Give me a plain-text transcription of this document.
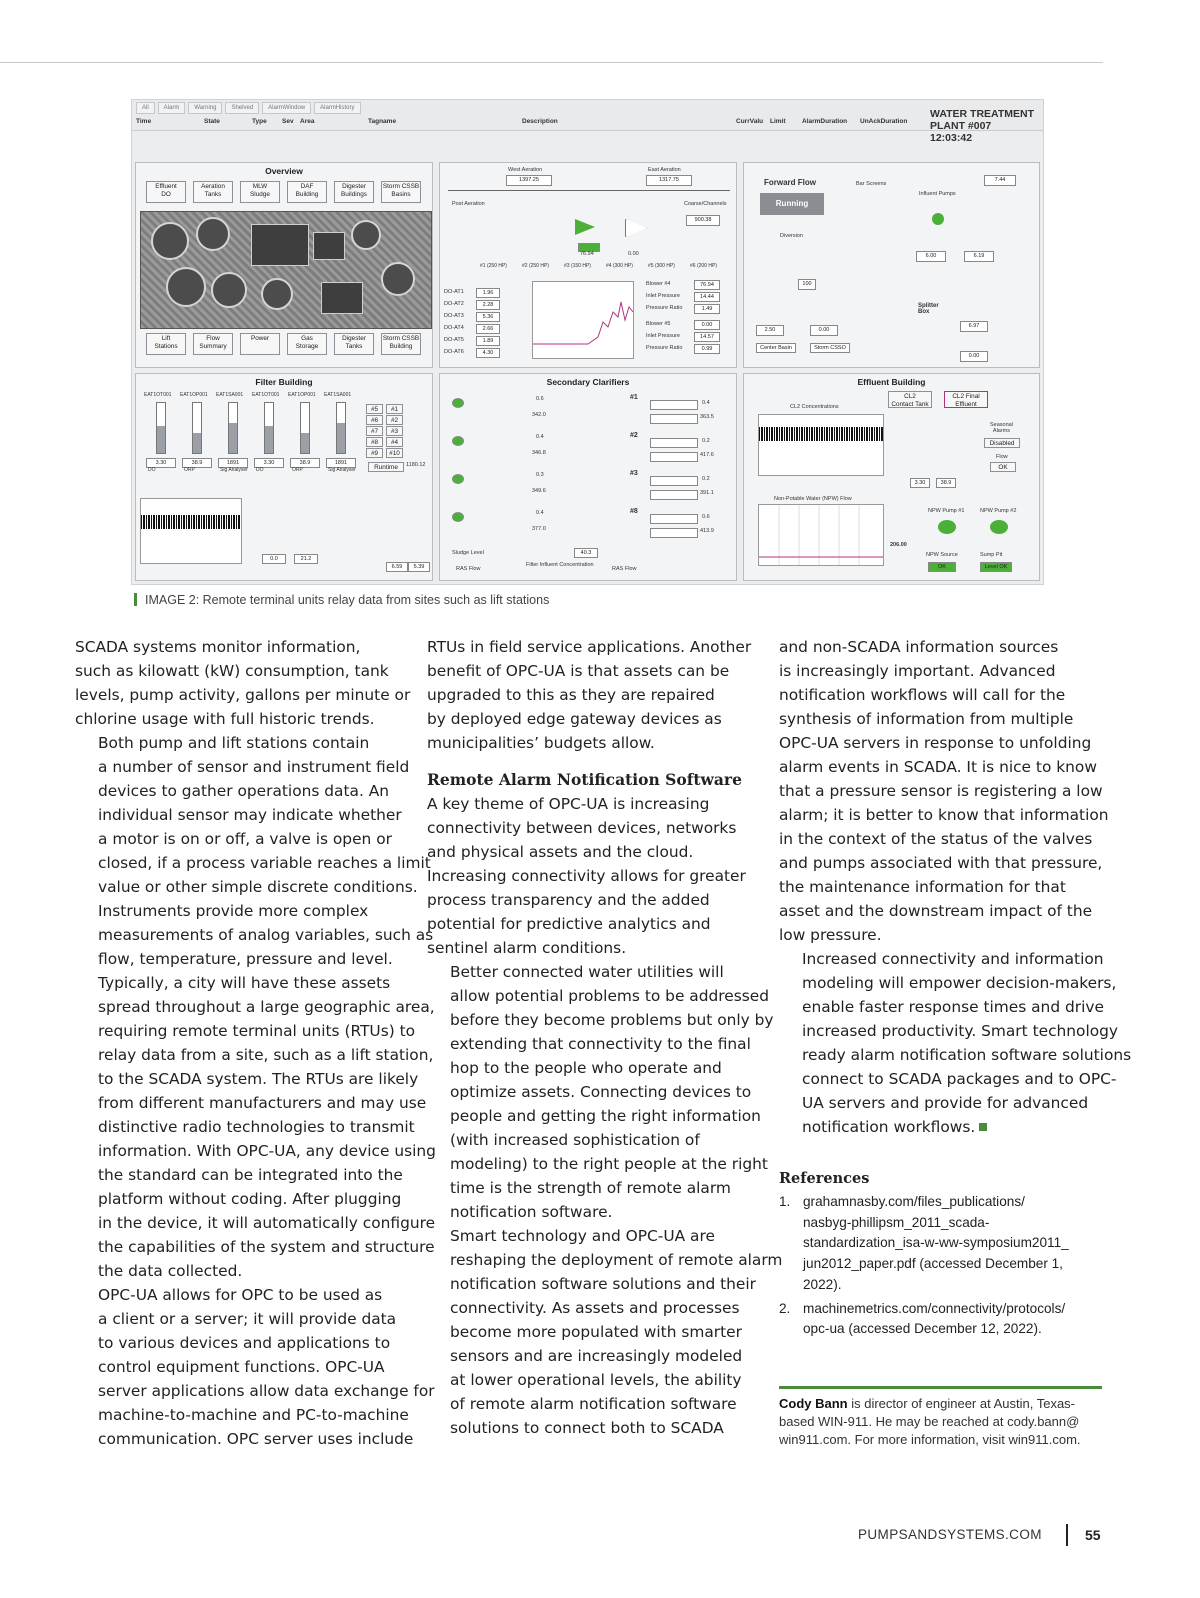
All	Alarm	Warning	Shelved	AlarmWindow	AlarmHistory
Time	State	Type Sev Area	Tagname	Description	CurrValu Limit	AlarmDuration UnAckDuration
WATER TREATMENT
PLANT #007
12:03:42
Overview
Effluent
DO
Aeration
Tanks
MLW
Sludge
DAF
Building
Digester
Buildings
Storm CSSB
Basins
Lift
Stations
Flow
Summary
Power	Gas
Storage
Digester
Tanks
Storm CSSB
Building
West Aeration
1397.25
East Aeration
1317.75
Post Aeration	Coarse/Channels
900.38
76.94	0.00
#1 (250 HP)	#2 (250 HP)	#3 (150 HP)	#4 (300 HP)	#5 (300 HP)	#6 (200 HP)
DO-AT1	1.96
DO-AT2	2.28
DO-AT3	5.36
DO-AT4	2.66
DO-AT5	1.89
DO-AT6	4.30
Blower #4	76.94
Inlet Pressure	14.44
Pressure Ratio	1.49
Blower #5	0.00
Inlet Pressure	14.57
Pressure Ratio	0.99
Forward Flow
Running
Bar Screens
Influent Pumps
7.44
Diversion
6.00	6.19
100
Splitter
Box
2.50	0.00
6.97
0.00
Center Basin	Storm CSSO
Filter Building
EAT1OT001
3.30
DO
EAT1OP001
38.9
ORP
EAT1SA001
1891
Sig Analyser
EAT1OT001
3.30
DO
EAT1OP001
38.9
ORP
EAT1SA001
1891
Sig Analyser
#5	#1
#6	#2
#7	#3
#8	#4
#9	#10
Runtime	1180.12
0.0	21.2
6.59	5.39
Secondary Clarifiers
0.6
342.0
#1
0.4
363.5
0.4
346.8
#2
0.2
417.6
0.3
349.6
#3
0.2
391.1
0.4
377.0
#8
0.6
413.9
40.3
Sludge Level
RAS Flow
Filter Influent Concentration
RAS Flow
Effluent Building
CL2 Concentrations
CL2
Contact Tank
CL2 Final
Effluent
3.30	38.9
Seasonal
Alarms
Disabled
Flow
OK
Non-Potable Water (NPW) Flow
206.00
NPW Pump #1	NPW Pump #2
NPW Source	Sump Pit
OK	Level OK
IMAGE 2: Remote terminal units relay data from sites such as lift stations

SCADA systems monitor information,
such as kilowatt (kW) consumption, tank
levels, pump activity, gallons per minute or
chlorine usage with full historic trends.

Both pump and lift stations contain
a number of sensor and instrument field
devices to gather operations data. An
individual sensor may indicate whether
a motor is on or off, a valve is open or
closed, if a process variable reaches a limit
value or other simple discrete conditions.
Instruments provide more complex
measurements of analog variables, such as
flow, temperature, pressure and level.

Typically, a city will have these assets
spread throughout a large geographic area,
requiring remote terminal units (RTUs) to
relay data from a site, such as a lift station,
to the SCADA system. The RTUs are likely
from different manufacturers and may use
distinctive radio technologies to transmit
information. With OPC-UA, any device using
the standard can be integrated into the
platform without coding. After plugging
in the device, it will automatically configure
the capabilities of the system and structure
the data collected.

OPC-UA allows for OPC to be used as
a client or a server; it will provide data
to various devices and applications to
control equipment functions. OPC-UA
server applications allow data exchange for
machine-to-machine and PC-to-machine
communication. OPC server uses include

RTUs in field service applications. Another
benefit of OPC-UA is that assets can be
upgraded to this as they are repaired
by deployed edge gateway devices as
municipalities’ budgets allow.
Remote Alarm Notification Software

A key theme of OPC-UA is increasing
connectivity between devices, networks
and physical assets and the cloud.
Increasing connectivity allows for greater
process transparency and the added
potential for predictive analytics and
sentinel alarm conditions.

Better connected water utilities will
allow potential problems to be addressed
before they become problems but only by
extending that connectivity to the final
hop to the people who operate and
optimize assets. Connecting devices to
people and getting the right information
(with increased sophistication of
modeling) to the right people at the right
time is the strength of remote alarm
notification software.

Smart technology and OPC-UA are
reshaping the deployment of remote alarm
notification software solutions and their
connectivity. As assets and processes
become more populated with smarter
sensors and are increasingly modeled
at lower operational levels, the ability
of remote alarm notification software
solutions to connect both to SCADA

and non-SCADA information sources
is increasingly important. Advanced
notification workflows will call for the
synthesis of information from multiple
OPC-UA servers in response to unfolding
alarm events in SCADA. It is nice to know
that a pressure sensor is registering a low
alarm; it is better to know that information
in the context of the status of the valves
and pumps associated with that pressure,
the maintenance information for that
asset and the downstream impact of the
low pressure.

Increased connectivity and information
modeling will empower decision-makers,
enable faster response times and drive
increased productivity. Smart technology
ready alarm notification software solutions
connect to SCADA packages and to OPC-
UA servers and provide for advanced
notification workflows.

References
1. grahamnasby.com/files_publications/
nasbyg-phillipsm_2011_scada-
standardization_isa-w-ww-symposium2011_
jun2012_paper.pdf (accessed December 1,
2022).
2. machinemetrics.com/connectivity/protocols/
opc-ua (accessed December 12, 2022).
Cody Bann is director of engineer at Austin, Texas-
based WIN-911. He may be reached at cody.bann@
win911.com. For more information, visit win911.com.
PUMPSANDSYSTEMS.COM	55
